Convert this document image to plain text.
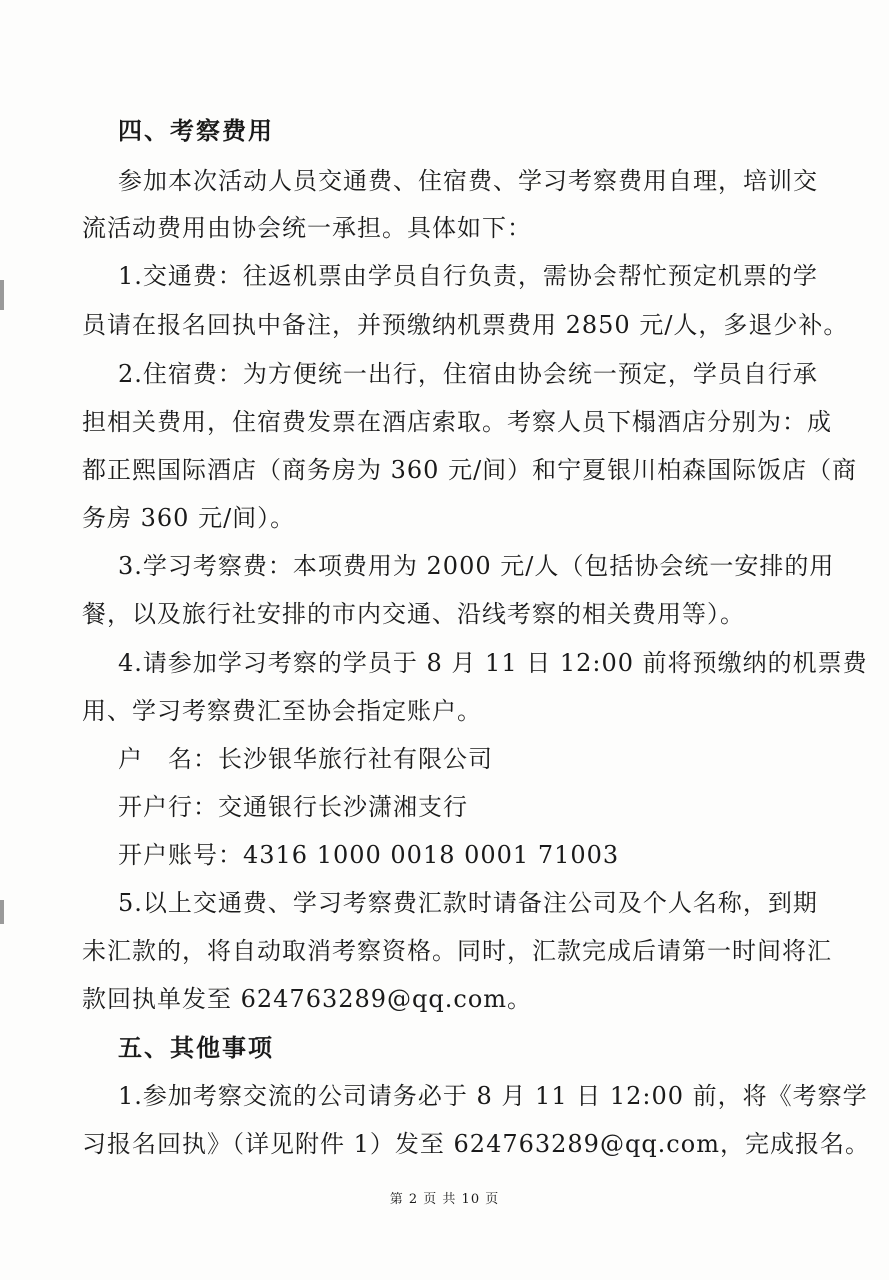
四、考察费用
参加本次活动人员交通费、住宿费、学习考察费用自理，培训交
流活动费用由协会统一承担。具体如下：
1.交通费：往返机票由学员自行负责，需协会帮忙预定机票的学
员请在报名回执中备注，并预缴纳机票费用 2850 元/人，多退少补。
2.住宿费：为方便统一出行，住宿由协会统一预定，学员自行承
担相关费用，住宿费发票在酒店索取。考察人员下榻酒店分别为：成
都正熙国际酒店（商务房为 360 元/间）和宁夏银川柏森国际饭店（商
务房 360 元/间）。
3.学习考察费：本项费用为 2000 元/人（包括协会统一安排的用
餐，以及旅行社安排的市内交通、沿线考察的相关费用等）。
4.请参加学习考察的学员于 8 月 11 日 12:00 前将预缴纳的机票费
用、学习考察费汇至协会指定账户。
户　名：长沙银华旅行社有限公司
开户行：交通银行长沙潇湘支行
开户账号：4316 1000 0018 0001 71003
5.以上交通费、学习考察费汇款时请备注公司及个人名称，到期
未汇款的，将自动取消考察资格。同时，汇款完成后请第一时间将汇
款回执单发至 624763289@qq.com。
五、其他事项
1.参加考察交流的公司请务必于 8 月 11 日 12:00 前，将《考察学
习报名回执》（详见附件 1）发至 624763289@qq.com，完成报名。
第 2 页 共 10 页
